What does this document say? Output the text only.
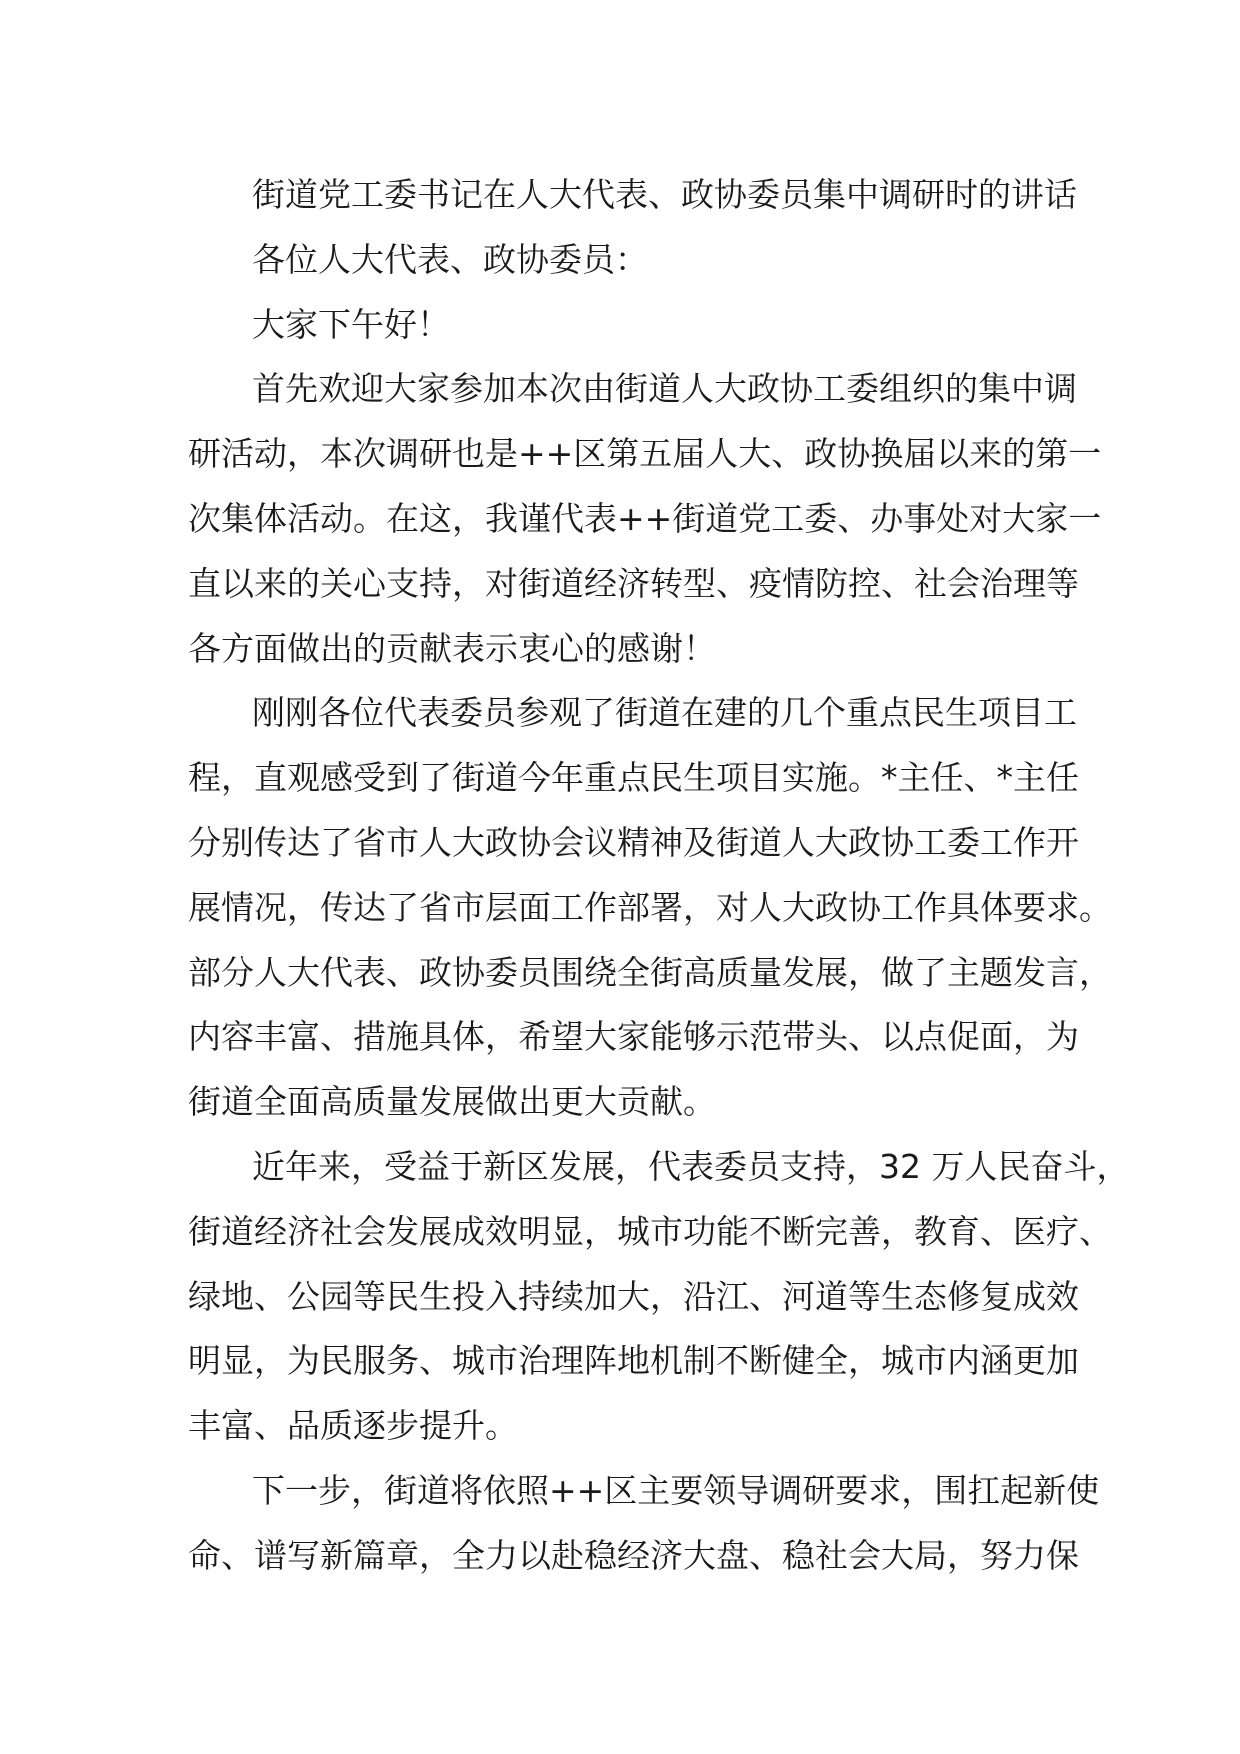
街道党工委书记在人大代表、政协委员集中调研时的讲话

各位人大代表、政协委员：

大家下午好！

首先欢迎大家参加本次由街道人大政协工委组织的集中调

研活动，本次调研也是++区第五届人大、政协换届以来的第一

次集体活动。在这，我谨代表++街道党工委、办事处对大家一

直以来的关心支持，对街道经济转型、疫情防控、社会治理等

各方面做出的贡献表示衷心的感谢！

刚刚各位代表委员参观了街道在建的几个重点民生项目工

程，直观感受到了街道今年重点民生项目实施。*主任、*主任

分别传达了省市人大政协会议精神及街道人大政协工委工作开

展情况，传达了省市层面工作部署，对人大政协工作具体要求。

部分人大代表、政协委员围绕全街高质量发展，做了主题发言，

内容丰富、措施具体，希望大家能够示范带头、以点促面，为

街道全面高质量发展做出更大贡献。

近年来，受益于新区发展，代表委员支持，32 万人民奋斗，

街道经济社会发展成效明显，城市功能不断完善，教育、医疗、

绿地、公园等民生投入持续加大，沿江、河道等生态修复成效

明显，为民服务、城市治理阵地机制不断健全，城市内涵更加

丰富、品质逐步提升。

下一步，街道将依照++区主要领导调研要求，围扛起新使

命、谱写新篇章，全力以赴稳经济大盘、稳社会大局，努力保
